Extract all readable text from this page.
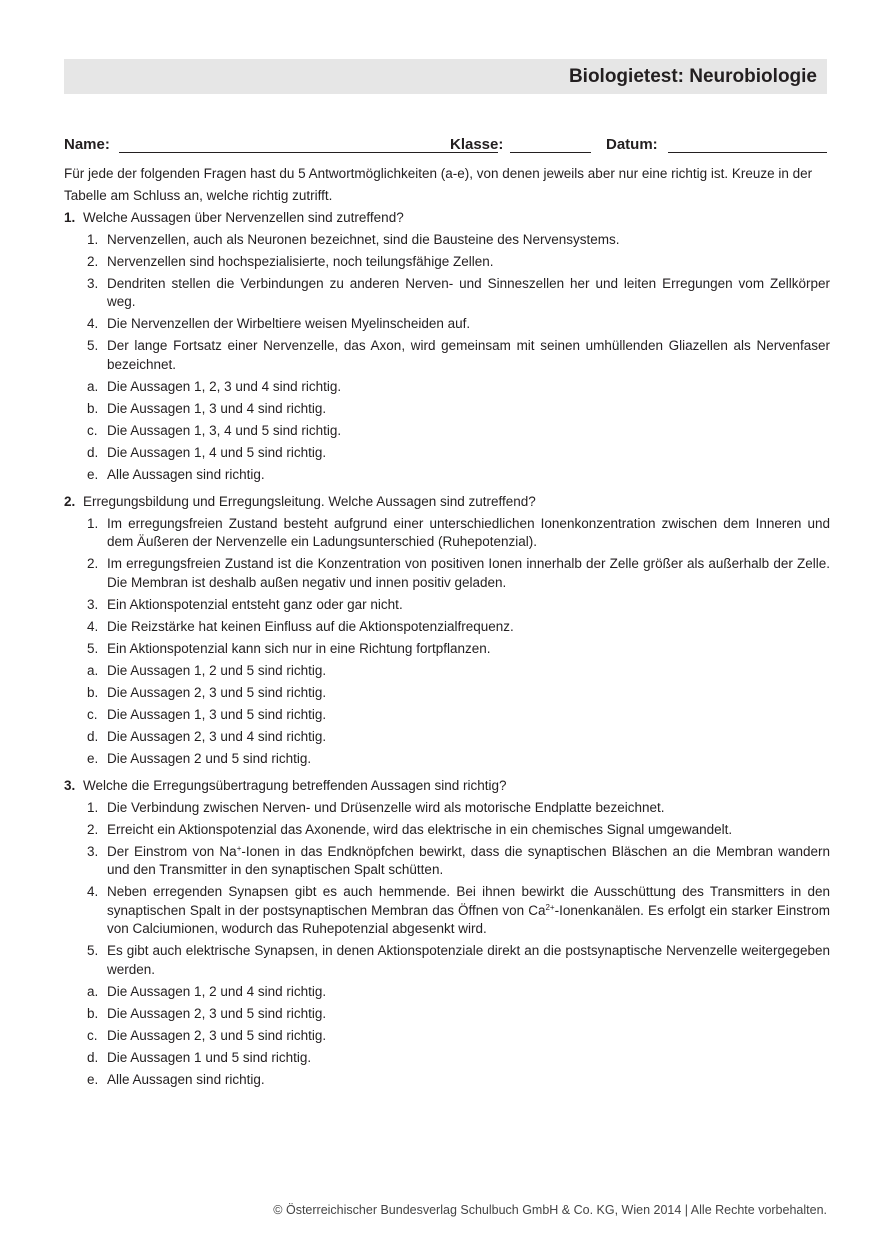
Biologietest: Neurobiologie
Name:	Klasse:	Datum:
Für jede der folgenden Fragen hast du 5 Antwortmöglichkeiten (a-e), von denen jeweils aber nur eine richtig ist. Kreuze in der Tabelle am Schluss an, welche richtig zutrifft.
1. Welche Aussagen über Nervenzellen sind zutreffend?
1. Nervenzellen, auch als Neuronen bezeichnet, sind die Bausteine des Nervensystems.
2. Nervenzellen sind hochspezialisierte, noch teilungsfähige Zellen.
3. Dendriten stellen die Verbindungen zu anderen Nerven- und Sinneszellen her und leiten Erregungen vom Zellkörper weg.
4. Die Nervenzellen der Wirbeltiere weisen Myelinscheiden auf.
5. Der lange Fortsatz einer Nervenzelle, das Axon, wird gemeinsam mit seinen umhüllenden Gliazellen als Nervenfaser bezeichnet.
a. Die Aussagen 1, 2, 3 und 4 sind richtig.
b. Die Aussagen 1, 3 und 4 sind richtig.
c. Die Aussagen 1, 3, 4 und 5 sind richtig.
d. Die Aussagen 1, 4 und 5 sind richtig.
e. Alle Aussagen sind richtig.
2. Erregungsbildung und Erregungsleitung. Welche Aussagen sind zutreffend?
1. Im erregungsfreien Zustand besteht aufgrund einer unterschiedlichen Ionenkonzentration zwischen dem Inneren und dem Äußeren der Nervenzelle ein Ladungsunterschied (Ruhepotenzial).
2. Im erregungsfreien Zustand ist die Konzentration von positiven Ionen innerhalb der Zelle größer als außerhalb der Zelle. Die Membran ist deshalb außen negativ und innen positiv geladen.
3. Ein Aktionspotenzial entsteht ganz oder gar nicht.
4. Die Reizstärke hat keinen Einfluss auf die Aktionspotenzialfrequenz.
5. Ein Aktionspotenzial kann sich nur in eine Richtung fortpflanzen.
a. Die Aussagen 1, 2 und 5 sind richtig.
b. Die Aussagen 2, 3 und 5 sind richtig.
c. Die Aussagen 1, 3 und 5 sind richtig.
d. Die Aussagen 2, 3 und 4 sind richtig.
e. Die Aussagen 2 und 5 sind richtig.
3. Welche die Erregungsübertragung betreffenden Aussagen sind richtig?
1. Die Verbindung zwischen Nerven- und Drüsenzelle wird als motorische Endplatte bezeichnet.
2. Erreicht ein Aktionspotenzial das Axonende, wird das elektrische in ein chemisches Signal umgewandelt.
3. Der Einstrom von Na+-Ionen in das Endknöpfchen bewirkt, dass die synaptischen Bläschen an die Membran wandern und den Transmitter in den synaptischen Spalt schütten.
4. Neben erregenden Synapsen gibt es auch hemmende. Bei ihnen bewirkt die Ausschüttung des Transmitters in den synaptischen Spalt in der postsynaptischen Membran das Öffnen von $Ca^{2+}$-Ionenkanälen. Es erfolgt ein starker Einstrom von Calciumionen, wodurch das Ruhepotenzial abgesenkt wird.
5. Es gibt auch elektrische Synapsen, in denen Aktionspotenziale direkt an die postsynaptische Nervenzelle weitergegeben werden.
a. Die Aussagen 1, 2 und 4 sind richtig.
b. Die Aussagen 2, 3 und 5 sind richtig.
c. Die Aussagen 2, 3 und 5 sind richtig.
d. Die Aussagen 1 und 5 sind richtig.
e. Alle Aussagen sind richtig.
© Österreichischer Bundesverlag Schulbuch GmbH & Co. KG, Wien 2014 | Alle Rechte vorbehalten.
